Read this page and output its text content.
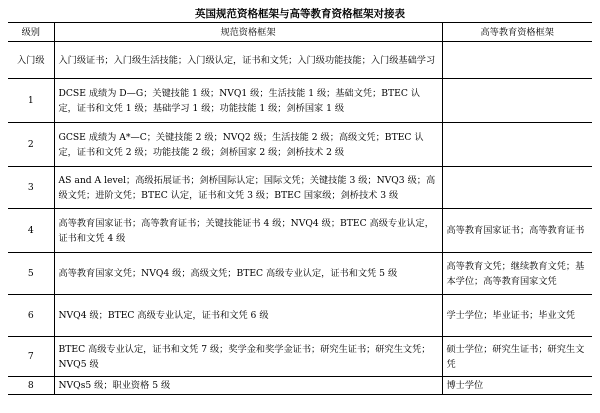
英国规范资格框架与高等教育资格框架对接表
级别	规范资格框架	高等教育资格框架
入门级	入门级证书；入门级生活技能；入门级认定，证书和文凭；入门级功能技能；入门级基础学习	
1	DCSE 成绩为 D—G；关键技能 1 级；NVQ1 级；生活技能 1 级；基础文凭；BTEC 认定，证书和文凭 1 级；基础学习 1 级；功能技能 1 级；剑桥国家 1 级	
2	GCSE 成绩为 A*—C；关键技能 2 级；NVQ2 级；生活技能 2 级；高级文凭；BTEC 认定，证书和文凭 2 级；功能技能 2 级；剑桥国家 2 级；剑桥技术 2 级	
3	AS and A level；高级拓展证书；剑桥国际认定；国际文凭；关键技能 3 级；NVQ3 级；高级文凭；进阶文凭；BTEC 认定，证书和文凭 3 级；BTEC 国家级；剑桥技术 3 级	
4	高等教育国家证书；高等教育证书；关键技能证书 4 级；NVQ4 级；BTEC 高级专业认定，证书和文凭 4 级	高等教育国家证书；高等教育证书
5	高等教育国家文凭；NVQ4 级；高级文凭；BTEC 高级专业认定，证书和文凭 5 级	高等教育文凭；继续教育文凭；基本学位；高等教育国家文凭
6	NVQ4 级；BTEC 高级专业认定，证书和文凭 6 级	学士学位；毕业证书；毕业文凭
7	BTEC 高级专业认定，证书和文凭 7 级；奖学金和奖学金证书；研究生证书；研究生文凭；NVQ5 级	硕士学位；研究生证书；研究生文凭
8	NVQs5 级；职业资格 5 级	博士学位
